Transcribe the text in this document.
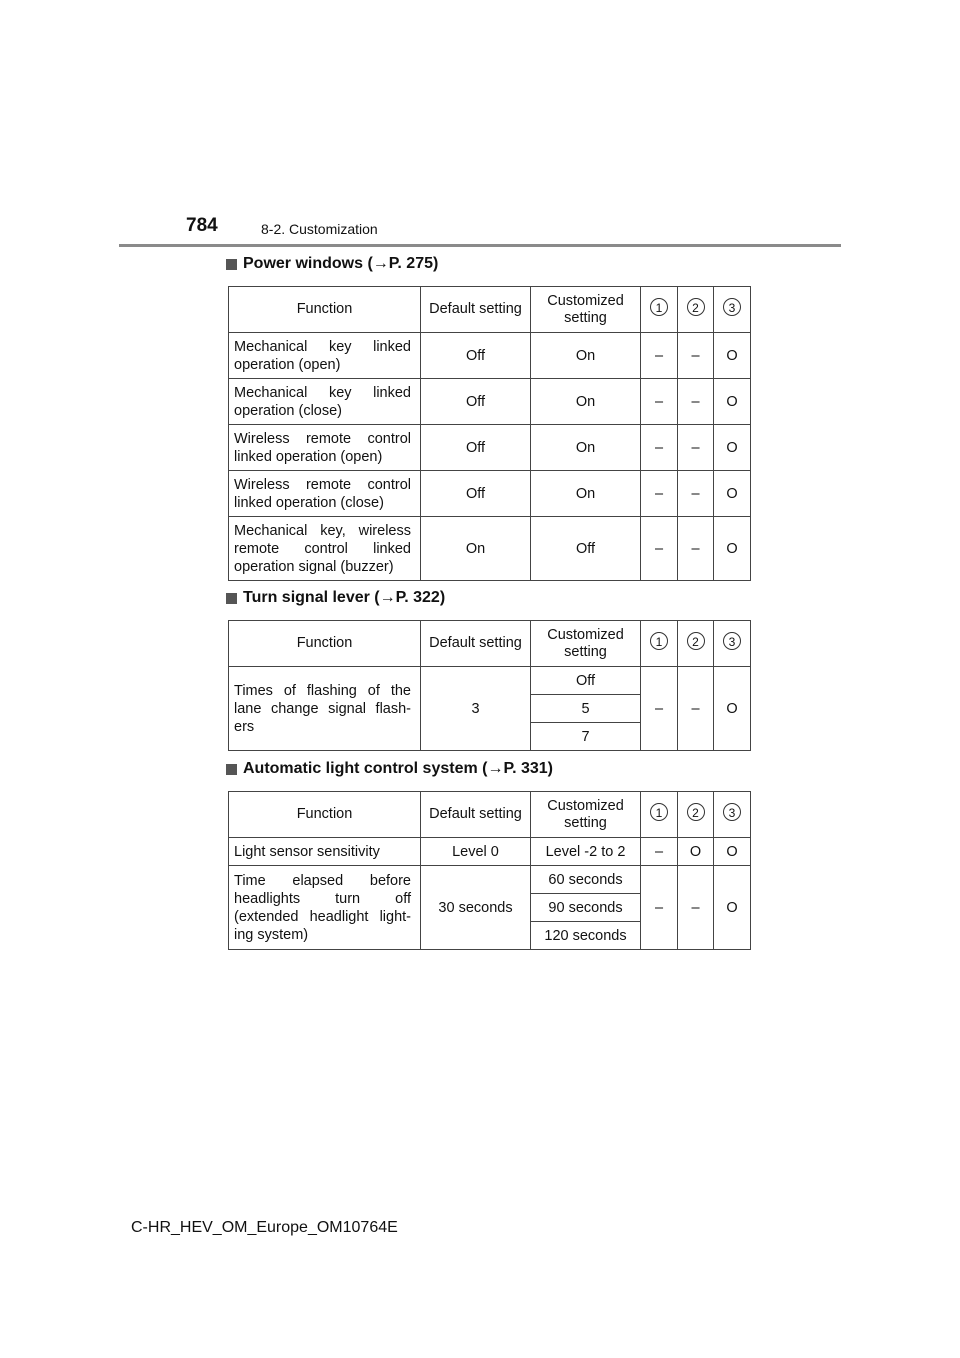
784	8-2. Customization
Power windows (→P. 275)
Function	Default setting	Customized setting	1	2	3
Mechanical key linked operation (open)	Off	On	–	–	O
Mechanical key linked operation (close)	Off	On	–	–	O
Wireless remote control linked operation (open)	Off	On	–	–	O
Wireless remote control linked operation (close)	Off	On	–	–	O
Mechanical key, wireless remote control linked operation signal (buzzer)	On	Off	–	–	O
Turn signal lever (→P. 322)
Function	Default setting	Customized setting	1	2	3
Times of flashing of the lane change signal flash-ers	3	Off	–	–	O
		5			
		7			
Automatic light control system (→P. 331)
Function	Default setting	Customized setting	1	2	3
Light sensor sensitivity	Level 0	Level -2 to 2	–	O	O
Time elapsed before headlights turn off (extended headlight light-ing system)	30 seconds	60 seconds	–	–	O
		90 seconds			
		120 seconds			
C-HR_HEV_OM_Europe_OM10764E
